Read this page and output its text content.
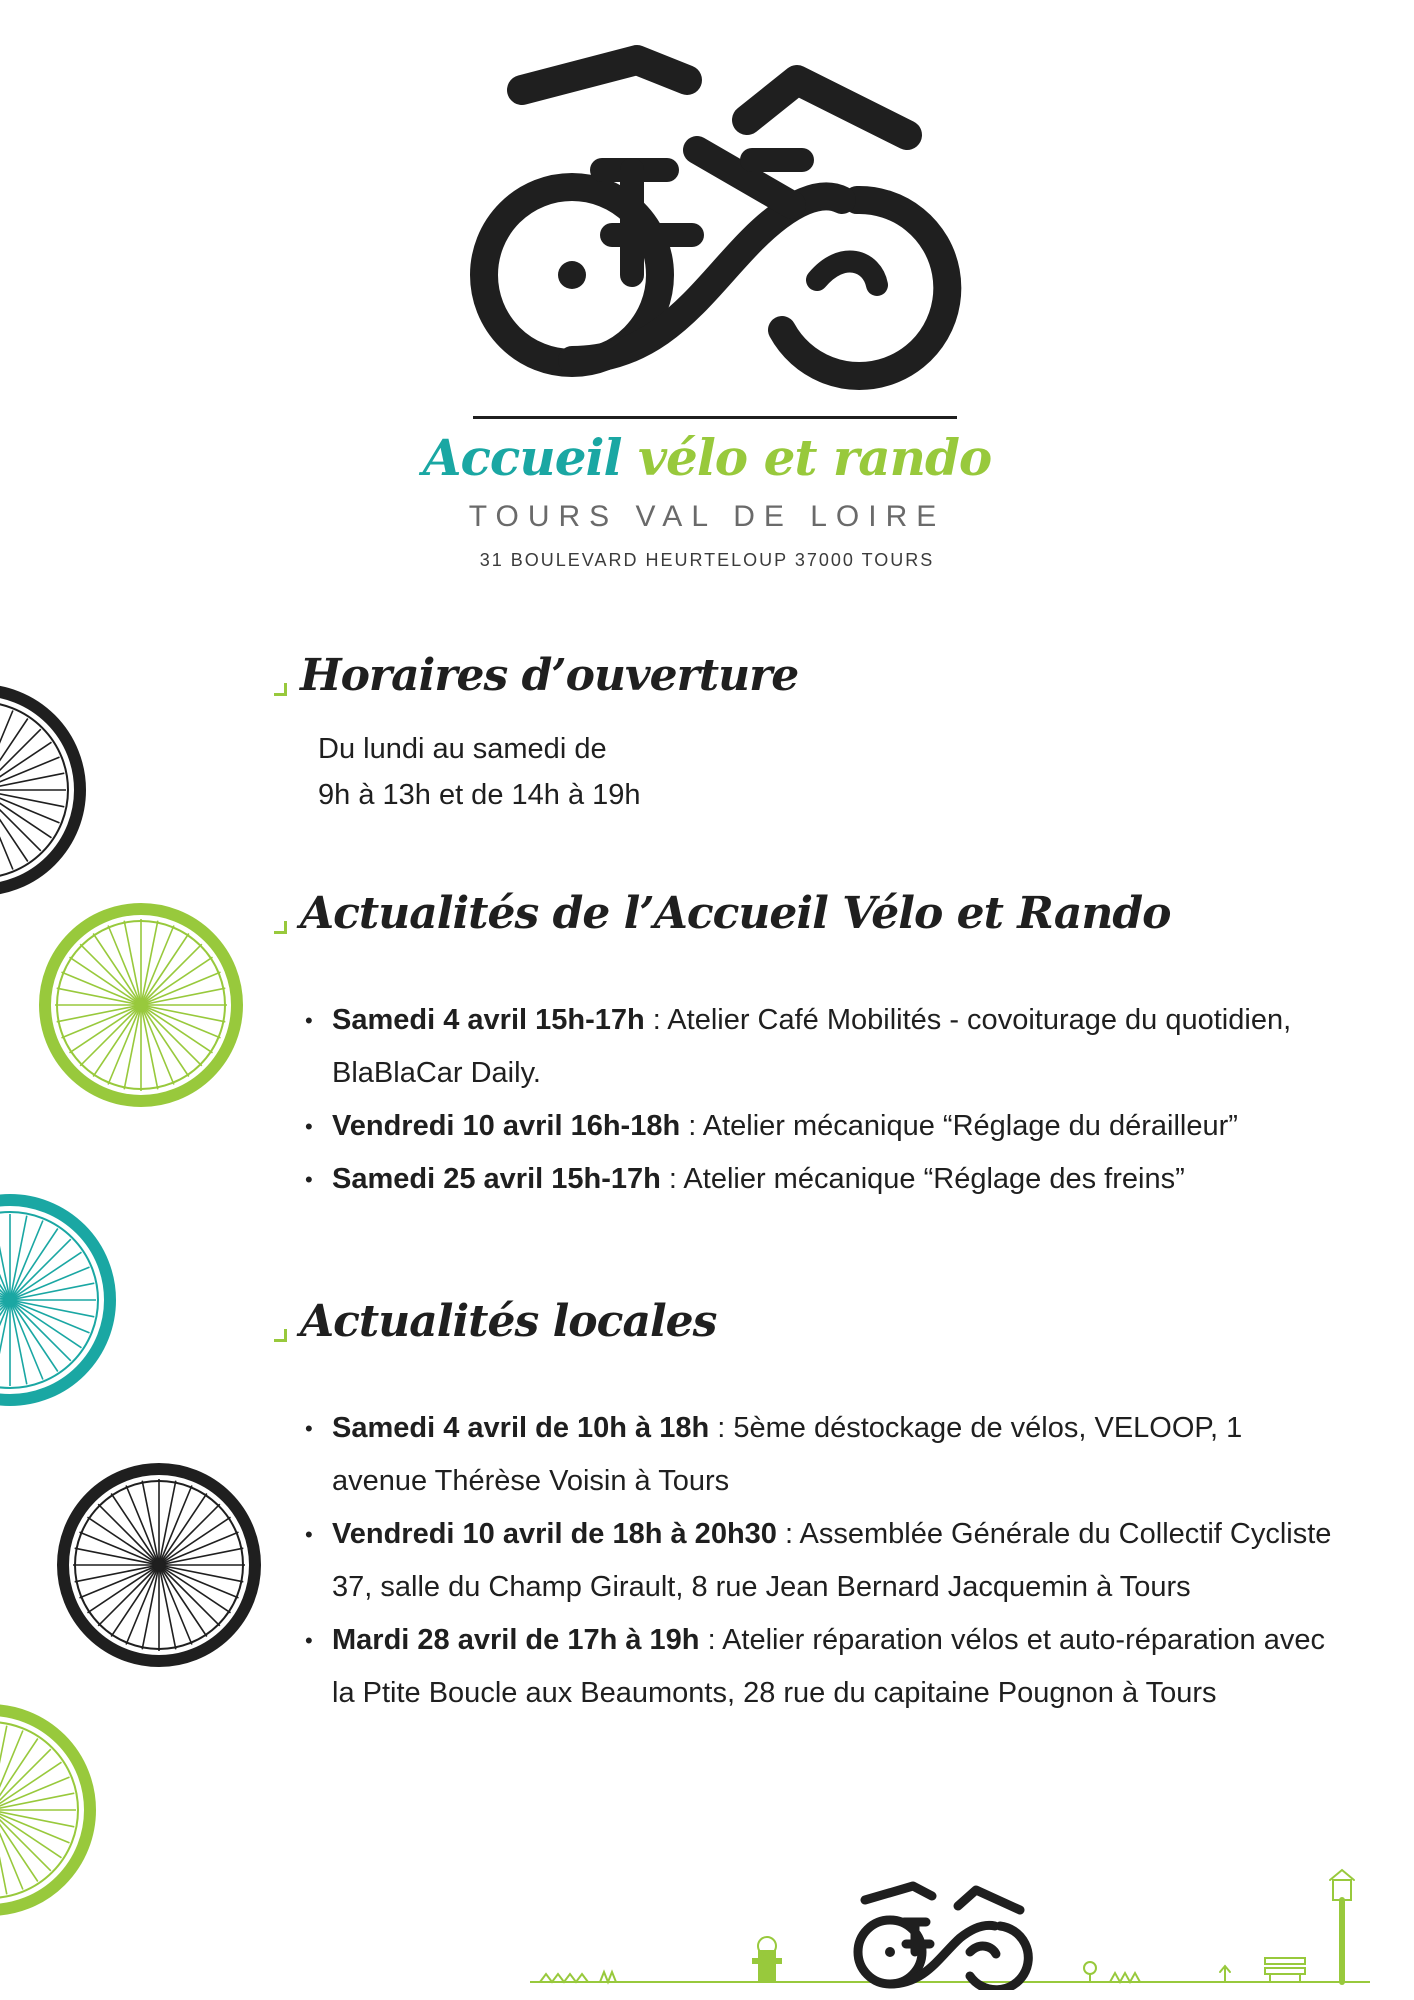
Accueil vélo et rando
TOURS VAL DE LOIRE
31 BOULEVARD HEURTELOUP 37000 TOURS
Horaires d’ouverture
Du lundi au samedi de
9h à 13h et de 14h à 19h
Actualités de l’Accueil Vélo et Rando
• Samedi 4 avril 15h-17h : Atelier Café Mobilités - covoiturage du quotidien, BlaBlaCar Daily.
• Vendredi 10 avril 16h-18h : Atelier mécanique “Réglage du dérailleur”
• Samedi 25 avril 15h-17h : Atelier mécanique “Réglage des freins”
Actualités locales
• Samedi 4 avril de 10h à 18h : 5ème déstockage de vélos, VELOOP, 1 avenue Thérèse Voisin à Tours
• Vendredi 10 avril de 18h à 20h30 : Assemblée Générale du Collectif Cycliste 37, salle du Champ Girault, 8 rue Jean Bernard Jacquemin à Tours
• Mardi 28 avril de 17h à 19h : Atelier réparation vélos et auto-réparation avec la Ptite Boucle aux Beaumonts, 28 rue du capitaine Pougnon à Tours
